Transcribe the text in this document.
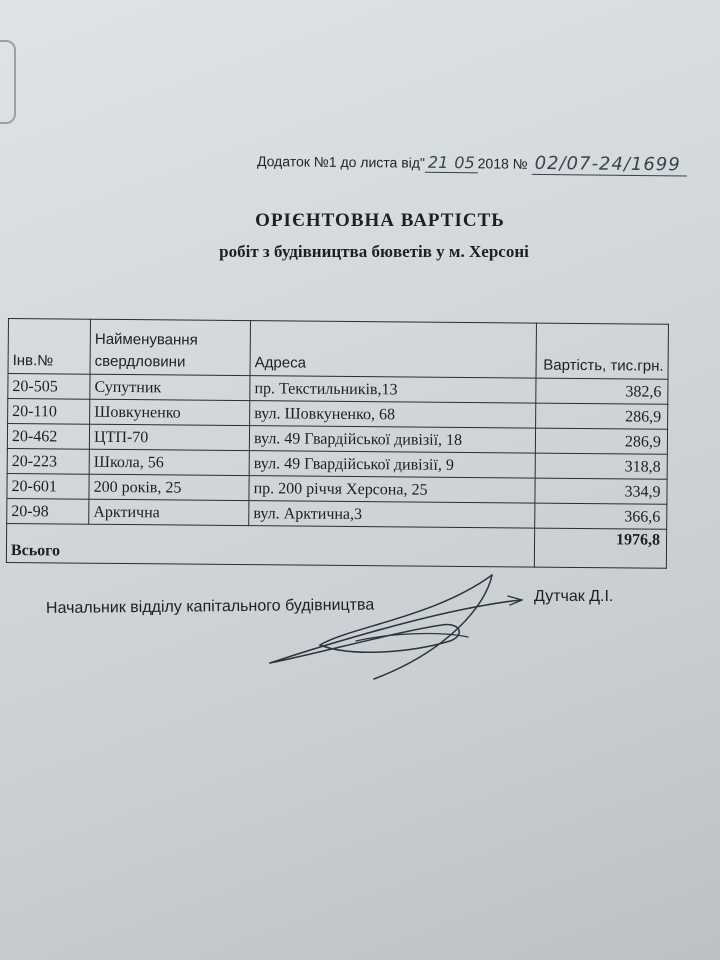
Додаток №1 до листа від" 21 05 2018 № 02/07-24/1699
ОРІЄНТОВНА ВАРТІСТЬ
робіт з будівництва бюветів у м. Херсоні
Інв.№	Найменування свердловини	Адреса	Вартість, тис.грн.
20-505	Супутник	пр. Текстильників,13	382,6
20-110	Шовкуненко	вул. Шовкуненко, 68	286,9
20-462	ЦТП-70	вул. 49 Гвардійської дивізії, 18	286,9
20-223	Школа, 56	вул. 49 Гвардійської дивізії, 9	318,8
20-601	200 років, 25	пр. 200 річчя Херсона, 25	334,9
20-98	Арктична	вул. Арктична,3	366,6
Всього			1976,8
Начальник відділу капітального будівництва
Дутчак Д.І.
